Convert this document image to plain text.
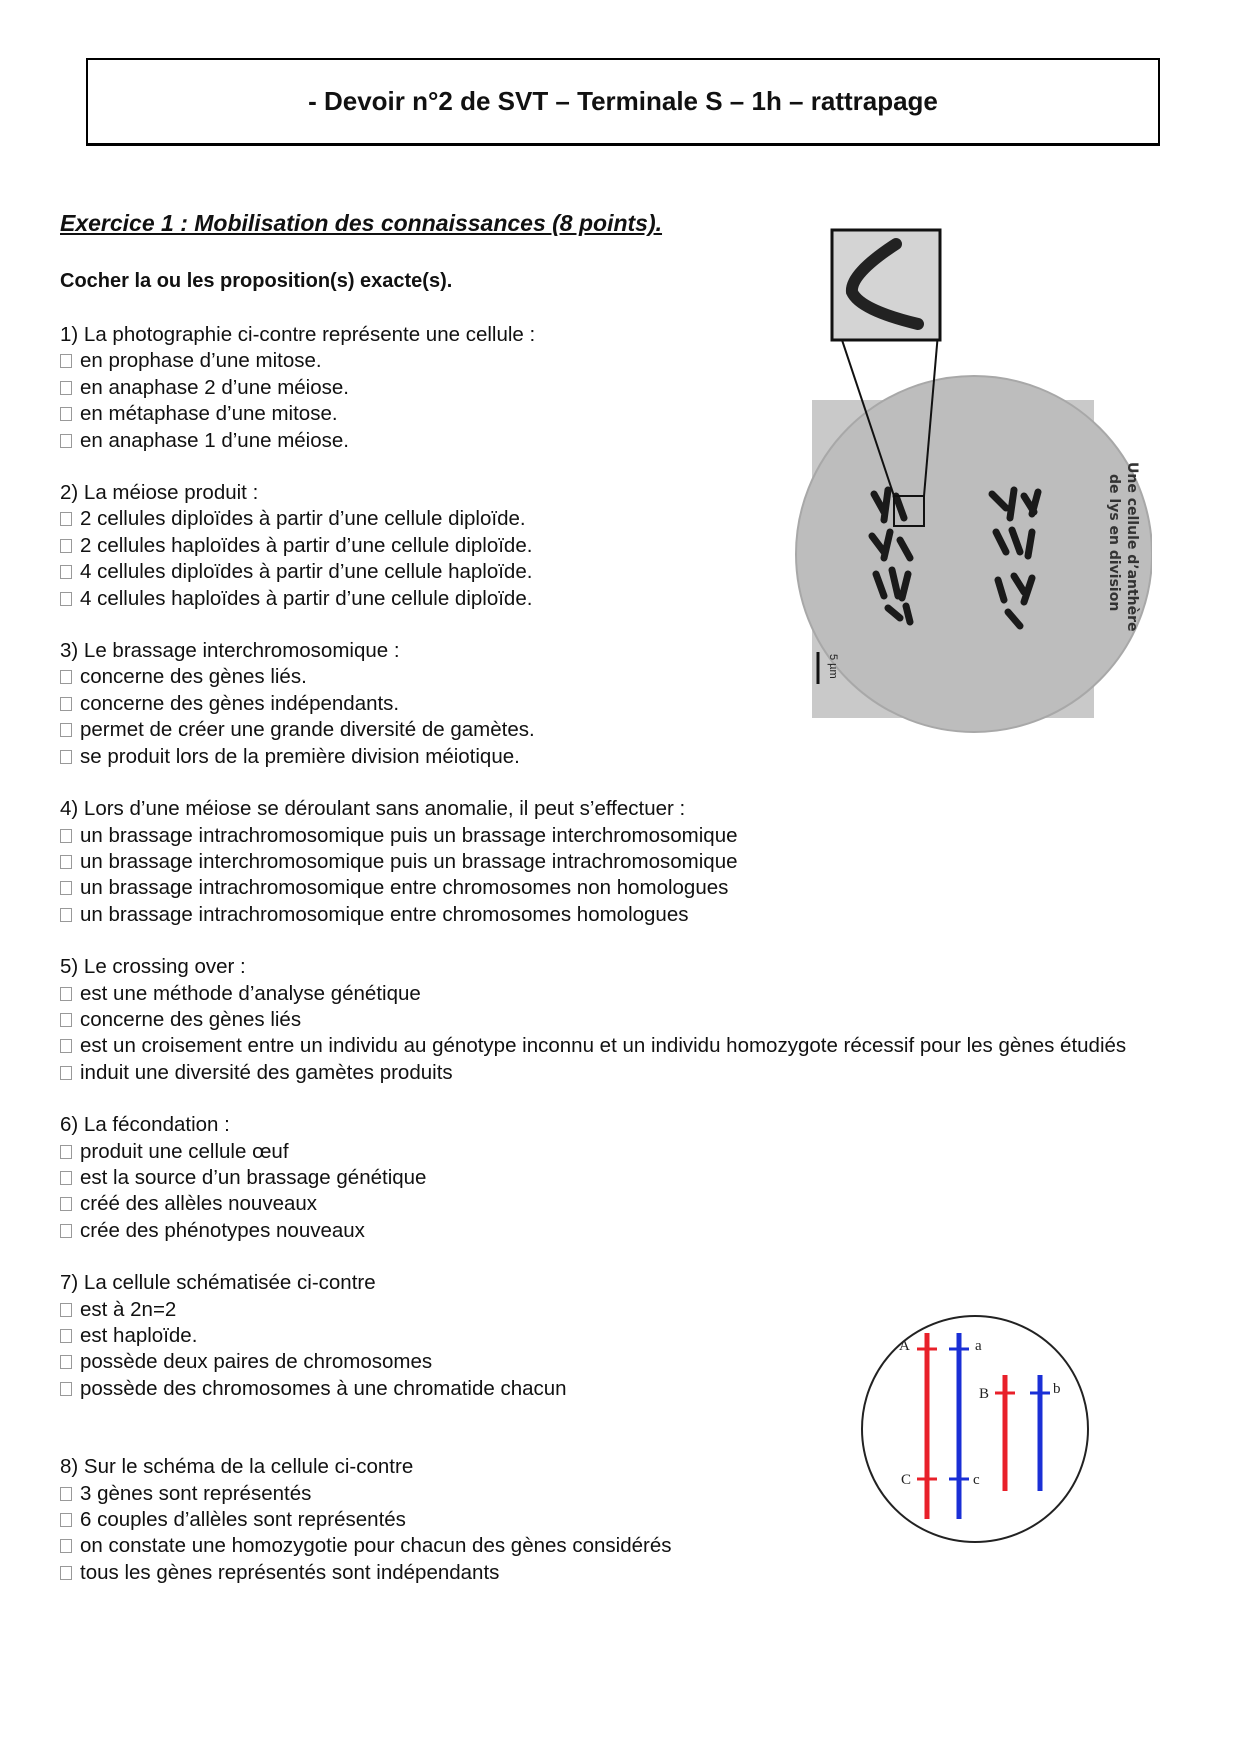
- Devoir n°2 de SVT – Terminale S – 1h – rattrapage
Exercice 1 : Mobilisation des connaissances (8 points).
Cocher la ou les proposition(s) exacte(s).
1) La photographie ci-contre représente une cellule :
en prophase d’une mitose.
en anaphase 2 d’une méiose.
en métaphase d’une mitose.
en anaphase 1 d’une méiose.
2) La méiose produit :
2 cellules diploïdes à partir d’une cellule diploïde.
2 cellules haploïdes à partir d’une cellule diploïde.
4 cellules diploïdes à partir d’une cellule haploïde.
4 cellules haploïdes à partir d’une cellule diploïde.
3) Le brassage interchromosomique :
concerne des gènes liés.
concerne des gènes indépendants.
permet de créer une grande diversité de gamètes.
se produit lors de la première division méiotique.
4) Lors d’une méiose se déroulant sans anomalie, il peut s’effectuer :
un brassage intrachromosomique puis un brassage interchromosomique
un brassage interchromosomique puis un brassage intrachromosomique
un brassage intrachromosomique entre chromosomes non homologues
un brassage intrachromosomique entre chromosomes homologues
5) Le crossing over :
est une méthode d’analyse génétique
concerne des gènes liés
est un croisement entre un individu au génotype inconnu et un individu homozygote récessif pour les gènes étudiés
induit une diversité des gamètes produits
6) La fécondation :
produit une cellule œuf
est la source d’un brassage génétique
créé des allèles nouveaux
crée des phénotypes nouveaux
7) La cellule schématisée ci-contre
est à 2n=2
est haploïde.
possède deux paires de chromosomes
possède des chromosomes à une chromatide chacun
8) Sur le schéma de la cellule ci-contre
3 gènes sont représentés
6 couples d’allèles sont représentés
on constate une homozygotie pour chacun des gènes considérés
tous les gènes représentés sont indépendants
5 µm
Une cellule d’anthère
de lys en division
A	a
B	b
C	c
